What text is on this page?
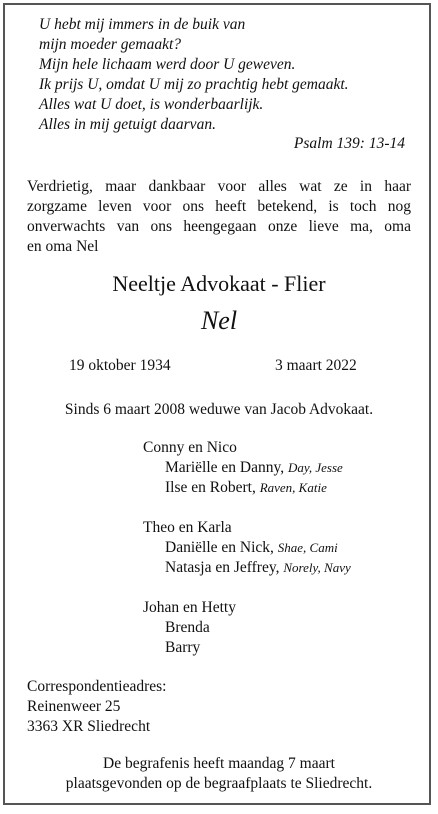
U hebt mij immers in de buik van
mijn moeder gemaakt?
Mijn hele lichaam werd door U geweven.
Ik prijs U, omdat U mij zo prachtig hebt gemaakt.
Alles wat U doet, is wonderbaarlijk.
Alles in mij getuigt daarvan.
Psalm 139: 13-14
Verdrietig, maar dankbaar voor alles wat ze in haar
zorgzame leven voor ons heeft betekend, is toch nog
onverwachts van ons heengegaan onze lieve ma, oma
en oma Nel
Neeltje Advokaat - Flier
Nel
19 oktober 1934	3 maart 2022
Sinds 6 maart 2008 weduwe van Jacob Advokaat.
Conny en Nico
Mariëlle en Danny, Day, Jesse
Ilse en Robert, Raven, Katie
Theo en Karla
Daniëlle en Nick, Shae, Cami
Natasja en Jeffrey, Norely, Navy
Johan en Hetty
Brenda
Barry
Correspondentieadres:
Reinenweer 25
3363 XR Sliedrecht
De begrafenis heeft maandag 7 maart
plaatsgevonden op de begraafplaats te Sliedrecht.
